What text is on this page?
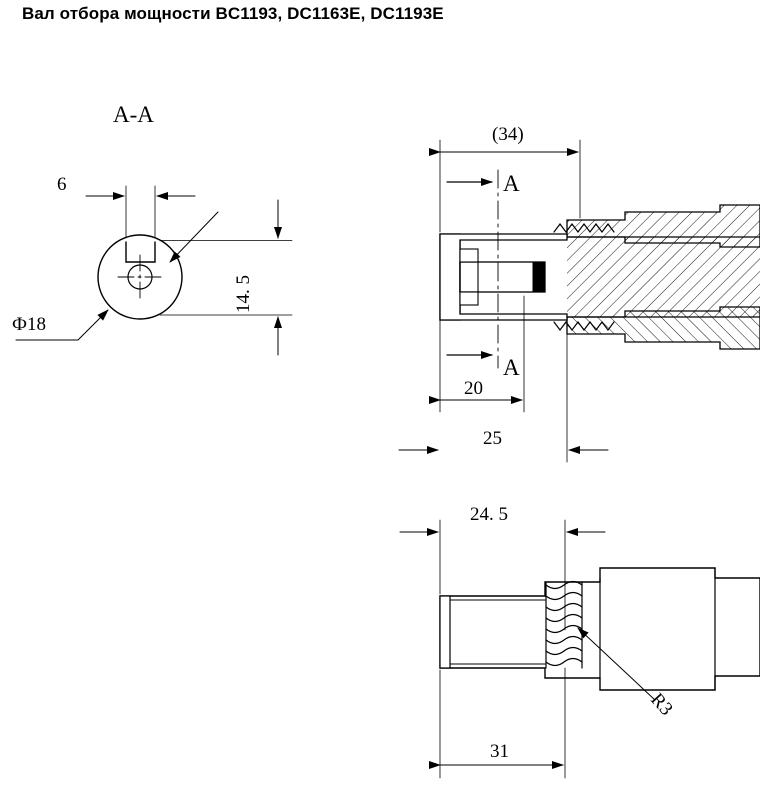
Вал отбора мощности BC1193, DC1163E, DC1193E
A-A
6
14. 5
Ф18
A
A
(34)
20
25
24. 5
R3
31
